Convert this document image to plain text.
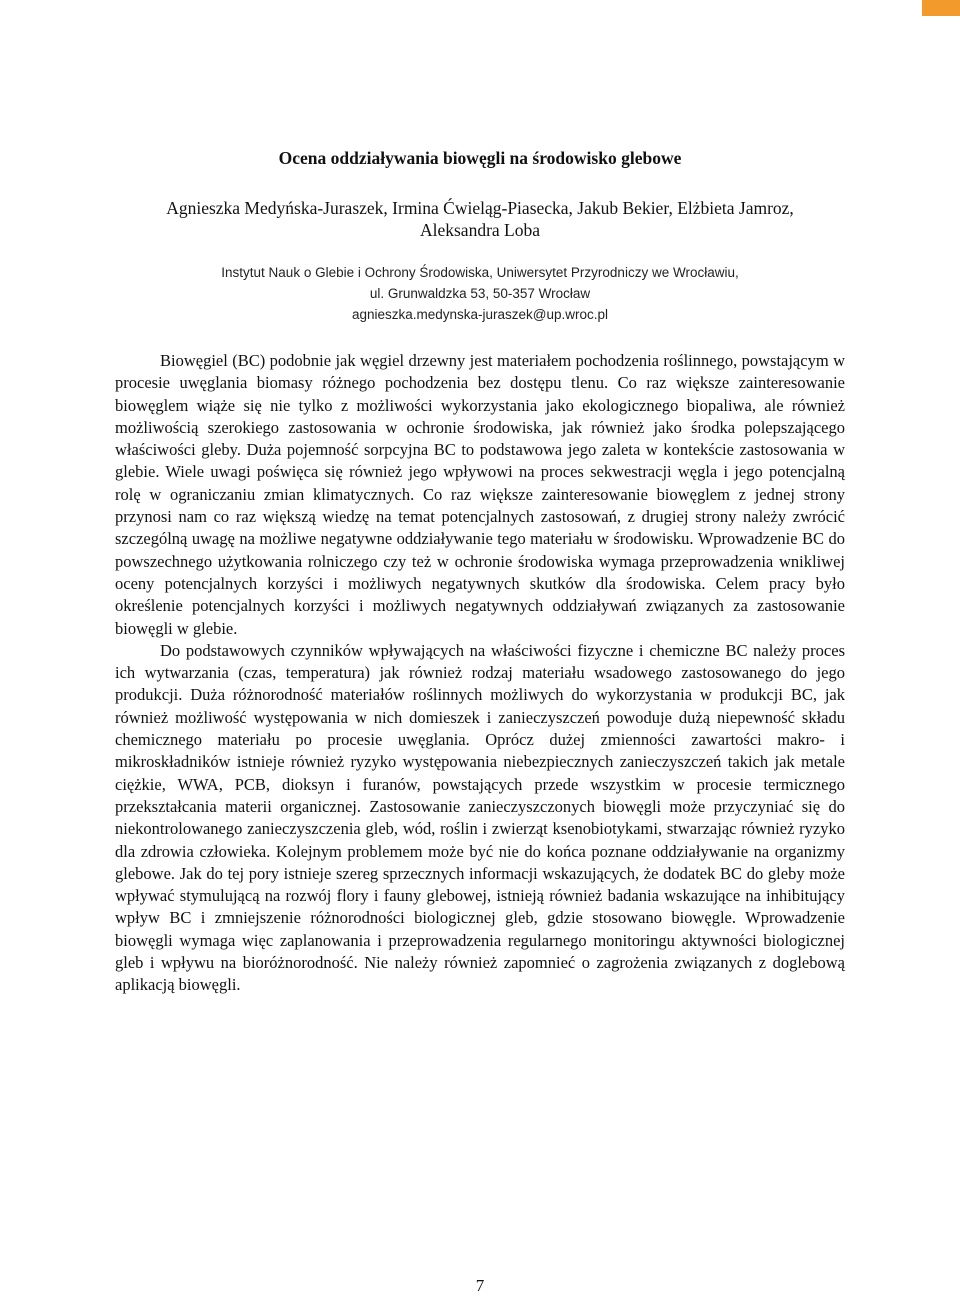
Ocena oddziaływania biowęgli na środowisko glebowe
Agnieszka Medyńska-Juraszek, Irmina Ćwieląg-Piasecka, Jakub Bekier, Elżbieta Jamroz,
Aleksandra Loba
Instytut Nauk o Glebie i Ochrony Środowiska, Uniwersytet Przyrodniczy we Wrocławiu,
ul. Grunwaldzka 53, 50-357 Wrocław
agnieszka.medynska-juraszek@up.wroc.pl

Biowęgiel (BC) podobnie jak węgiel drzewny jest materiałem pochodzenia roślinnego, powstającym w procesie uwęglania biomasy różnego pochodzenia bez dostępu tlenu. Co raz większe zainteresowanie biowęglem wiąże się nie tylko z możliwości wykorzystania jako ekologicznego biopaliwa, ale również możliwością szerokiego zastosowania w ochronie środowiska, jak również jako środka polepszającego właściwości gleby. Duża pojemność sorpcyjna BC to podstawowa jego zaleta w kontekście zastosowania w glebie. Wiele uwagi poświęca się również jego wpływowi na proces sekwestracji węgla i jego potencjalną rolę w ograniczaniu zmian klimatycznych. Co raz większe zainteresowanie biowęglem z jednej strony przynosi nam co raz większą wiedzę na temat potencjalnych zastosowań, z drugiej strony należy zwrócić szczególną uwagę na możliwe negatywne oddziaływanie tego materiału w środowisku. Wprowadzenie BC do powszechnego użytkowania rolniczego czy też w ochronie środowiska wymaga przeprowadzenia wnikliwej oceny potencjalnych korzyści i możliwych negatywnych skutków dla środowiska. Celem pracy było określenie potencjalnych korzyści i możliwych negatywnych oddziaływań związanych za zastosowanie biowęgli w glebie.

Do podstawowych czynników wpływających na właściwości fizyczne i chemiczne BC należy proces ich wytwarzania (czas, temperatura) jak również rodzaj materiału wsadowego zastosowanego do jego produkcji. Duża różnorodność materiałów roślinnych możliwych do wykorzystania w produkcji BC, jak również możliwość występowania w nich domieszek i zanieczyszczeń powoduje dużą niepewność składu chemicznego materiału po procesie uwęglania. Oprócz dużej zmienności zawartości makro- i mikroskładników istnieje również ryzyko występowania niebezpiecznych zanieczyszczeń takich jak metale ciężkie, WWA, PCB, dioksyn i furanów, powstających przede wszystkim w procesie termicznego przekształcania materii organicznej. Zastosowanie zanieczyszczonych biowęgli może przyczyniać się do niekontrolowanego zanieczyszczenia gleb, wód, roślin i zwierząt ksenobiotykami, stwarzając również ryzyko dla zdrowia człowieka. Kolejnym problemem może być nie do końca poznane oddziaływanie na organizmy glebowe. Jak do tej pory istnieje szereg sprzecznych informacji wskazujących, że dodatek BC do gleby może wpływać stymulującą na rozwój flory i fauny glebowej, istnieją również badania wskazujące na inhibitujący wpływ BC i zmniejszenie różnorodności biologicznej gleb, gdzie stosowano biowęgle. Wprowadzenie biowęgli wymaga więc zaplanowania i przeprowadzenia regularnego monitoringu aktywności biologicznej gleb i wpływu na bioróżnorodność. Nie należy również zapomnieć o zagrożenia związanych z doglebową aplikacją biowęgli.

7
